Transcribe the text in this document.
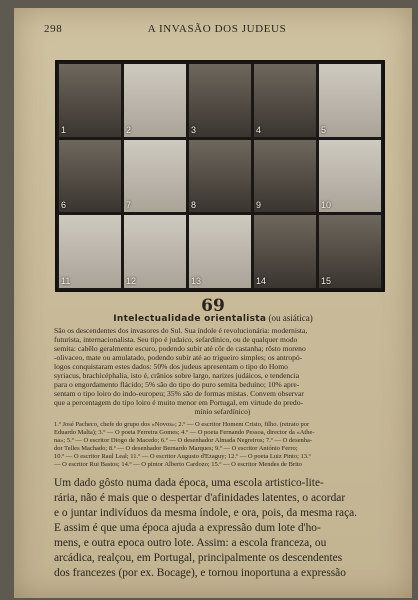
298	A INVASÃO DOS JUDEUS
1	2	3	4	5
6	7	8	9	10
11	12	13	14	15
69
Intelectualidade orientalista (ou asiática)
São os descendentes dos invasores do Sul. Sua índole é revolucionária: modernista,
futurista, internacionalista. Seu tipo é judaico, sefardínico, ou de qualquer modo
semita: cabêlo geralmente escuro, podendo subir até côr de castanha; rôsto moreno
-olivaceo, mate ou amulatado, podendo subir até ao trigueiro simples; os antropó-
logos conquistaram estes dados: 50% dos judeus apresentam o tipo do Homo
syriacus, brachicéphalia, isto é, crânios sobre largo, narizes judáicos, e tendencia
para o engordamento flácido; 5% são do tipo do puro semita beduíno; 10% apre-
sentam o tipo loiro do indo-europeu; 35% são de formas mistas. Convem observar
que a percentagem do tipo loiro é muito menor em Portugal, em virtude do predo-
mínio sefardínico)
1.º José Pacheco, chefe do grupo dos «Novos»; 2.º — O escritor Homem Cristo, filho. (retrato por
Eduardo Malta); 3.º — O poeta Ferreira Gomes; 4.º — O poeta Fernando Pessoa, director da «Athe-
na»; 5.º — O escritor Diogo de Macedo; 6.º — O desenhador Almada Negreiros; 7.º — O desenha-
dor Telles Machado; 8.º — O desenhador Bernardo Marques; 9.º — O escritor António Ferro;
10.º — O escritor Raul Leal; 11.º — O escritor Augusto d'Ezaguy; 12.º — O poeta Luiz Pinto; 13.º
— O escritor Rui Bastos; 14.º — O pintor Alberto Cardozo; 15.º — O escritor Mendes de Brito
Um dado gôsto numa dada época, uma escola artistico-lite-
rária, não é mais que o despertar d'afinidades latentes, o acordar
e o juntar indivíduos da mesma índole, e ora, pois, da mesma raça.
E assim é que uma época ajuda a expressão dum lote d'ho-
mens, e outra epoca outro lote. Assim: a escola franceza, ou
arcádica, realçou, em Portugal, principalmente os descendentes
dos francezes (por ex. Bocage), e tornou inoportuna a expressão
